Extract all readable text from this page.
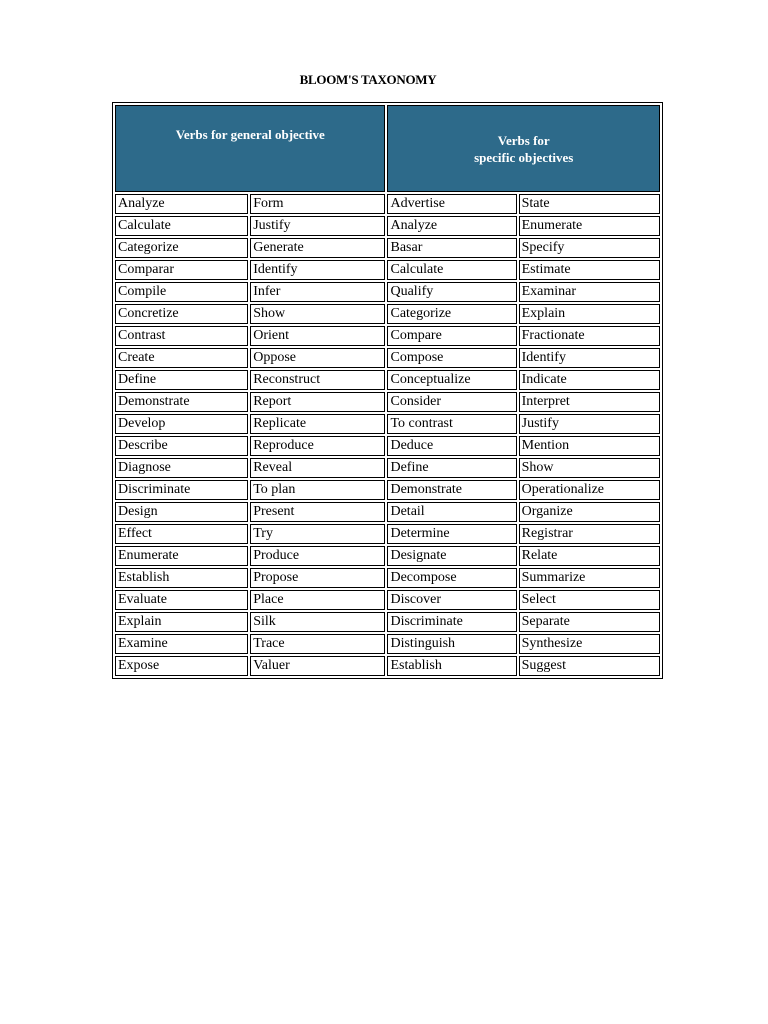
BLOOM'S TAXONOMY
Verbs for general objective		Verbs for
specific objectives	

Analyze	Form	Advertise	State
Calculate	Justify	Analyze	Enumerate
Categorize	Generate	Basar	Specify
Comparar	Identify	Calculate	Estimate
Compile	Infer	Qualify	Examinar
Concretize	Show	Categorize	Explain
Contrast	Orient	Compare	Fractionate
Create	Oppose	Compose	Identify
Define	Reconstruct	Conceptualize	Indicate
Demonstrate	Report	Consider	Interpret
Develop	Replicate	To contrast	Justify
Describe	Reproduce	Deduce	Mention
Diagnose	Reveal	Define	Show
Discriminate	To plan	Demonstrate	Operationalize
Design	Present	Detail	Organize
Effect	Try	Determine	Registrar
Enumerate	Produce	Designate	Relate
Establish	Propose	Decompose	Summarize
Evaluate	Place	Discover	Select
Explain	Silk	Discriminate	Separate
Examine	Trace	Distinguish	Synthesize
Expose	Valuer	Establish	Suggest
